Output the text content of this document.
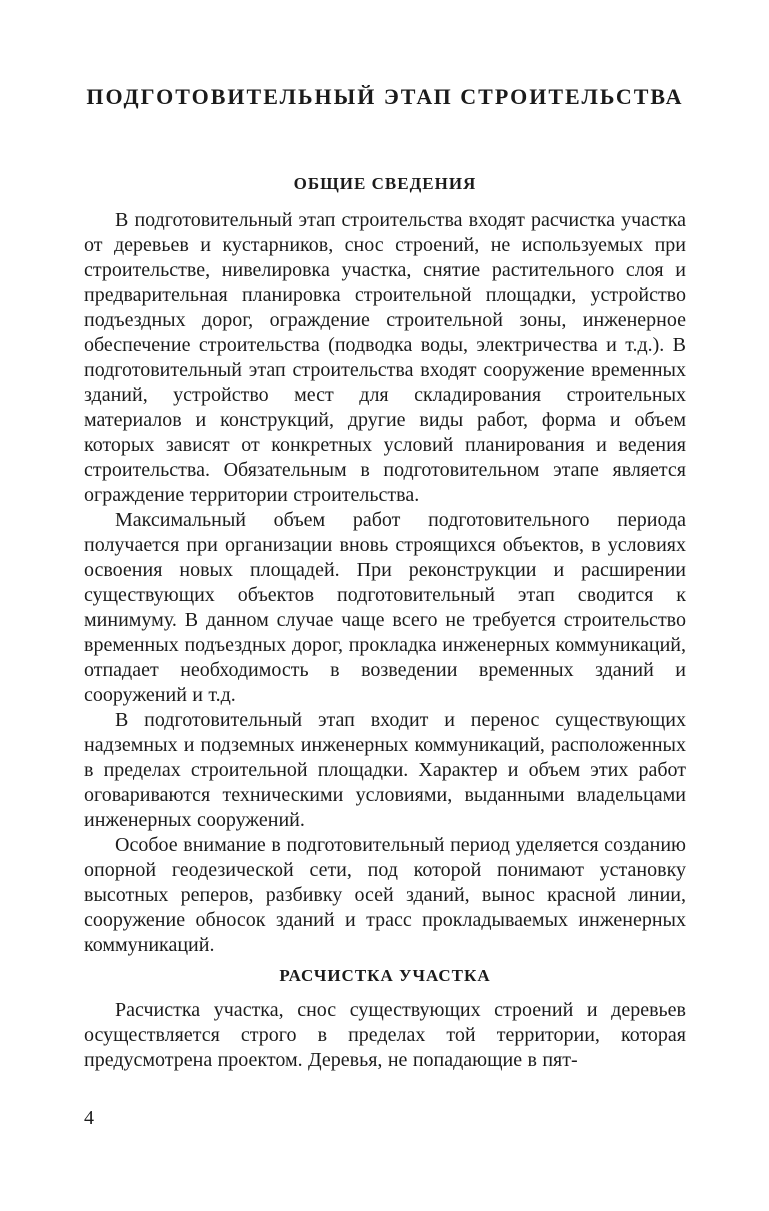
ПОДГОТОВИТЕЛЬНЫЙ ЭТАП СТРОИТЕЛЬСТВА
ОБЩИЕ СВЕДЕНИЯ

В подготовительный этап строительства входят расчистка участка от деревьев и кустарников, снос строений, не используемых при строительстве, нивелировка участка, снятие растительного слоя и предварительная планировка строительной площадки, устройство подъездных дорог, ограждение строительной зоны, инженерное обеспечение строительства (подводка воды, электричества и т.д.). В подготовительный этап строительства входят сооружение временных зданий, устройство мест для складирования строительных материалов и конструкций, другие виды работ, форма и объем которых зависят от конкретных условий планирования и ведения строительства. Обязательным в подготовительном этапе является ограждение территории строительства.

Максимальный объем работ подготовительного периода получается при организации вновь строящихся объектов, в условиях освоения новых площадей. При реконструкции и расширении существующих объектов подготовительный этап сводится к минимуму. В данном случае чаще всего не требуется строительство временных подъездных дорог, прокладка инженерных коммуникаций, отпадает необходимость в возведении временных зданий и сооружений и т.д.

В подготовительный этап входит и перенос существующих надземных и подземных инженерных коммуникаций, расположенных в пределах строительной площадки. Характер и объем этих работ оговариваются техническими условиями, выданными владельцами инженерных сооружений.

Особое внимание в подготовительный период уделяется созданию опорной геодезической сети, под которой понимают установку высотных реперов, разбивку осей зданий, вынос красной линии, сооружение обносок зданий и трасс прокладываемых инженерных коммуникаций.

РАСЧИСТКА УЧАСТКА

Расчистка участка, снос существующих строений и деревьев осуществляется строго в пределах той территории, которая предусмотрена проектом. Деревья, не попадающие в пят-

4
